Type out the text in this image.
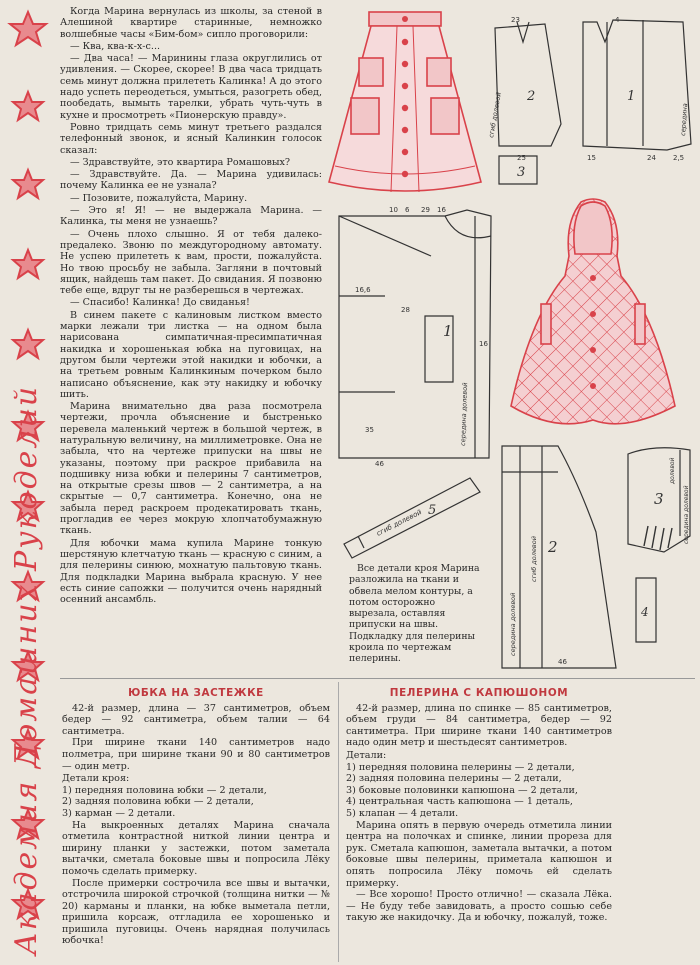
Академия Домашних Рукоделий

Когда Марина вернулась из школы, за стеной в Алешиной квартире старинные, немножко волшебные часы «Бим-бом» сипло проговорили:

— Ква, ква-к-х-с...

— Два часа! — Маринины глаза округлились от удивления. — Скорее, скорее! В два часа тридцать семь минут должна прилететь Калинка! А до этого надо успеть переодеться, умыться, разогреть обед, пообедать, вымыть тарелки, убрать чуть-чуть в кухне и просмотреть «Пионерскую правду».

Ровно тридцать семь минут третьего раздался телефонный звонок, и ясный Калинкин голосок сказал:

— Здравствуйте, это квартира Ромашовых?

— Здравствуйте. Да. — Марина удивилась: почему Калинка ее не узнала?

— Позовите, пожалуйста, Марину.

— Это я! Я! — не выдержала Марина. — Калинка, ты меня не узнаешь?

— Очень плохо слышно. Я от тебя далеко-предалеко. Звоню по междугородному автомату. Не успею прилететь к вам, прости, пожалуйста. Но твою просьбу не забыла. Загляни в почтовый ящик, найдешь там пакет. До свидания. Я позвоню тебе еще, вдруг ты не разберешься в чертежах.

— Спасибо! Калинка! До свиданья!

В синем пакете с калиновым листком вместо марки лежали три листка — на одном была нарисована симпатичная-пресимпатичная накидка и хорошенькая юбка на пуговицах, на другом были чертежи этой накидки и юбочки, а на третьем ровным Калинкиным почерком было написано объяснение, как эту накидку и юбочку шить.

Марина внимательно два раза посмотрела чертежи, прочла объяснение и быстренько перевела маленький чертеж в большой чертеж, в натуральную величину, на миллиметровке. Она не забыла, что на чертеже припуски на швы не указаны, поэтому при раскрое прибавила на подшивку низа юбки и пелерины 7 сантиметров, на открытые срезы швов — 2 сантиметра, а на скрытые — 0,7 сантиметра. Конечно, она не забыла перед раскроем продекатировать ткань, прогладив ее через мокрую хлопчатобумажную ткань.

Для юбочки мама купила Марине тонкую шерстяную клетчатую ткань — красную с синим, а для пелерины синюю, мохнатую пальтовую ткань. Для подкладки Марина выбрала красную. У нее есть синие сапожки — получится очень нарядный осенний ансамбль.

2	1
3
23	4
15	24 2,5
25
сгиб долевой	середина
1
10 6 29 16
16,6
28
16
35
46
середина долевой
сгиб долевой 5
2
середина долевой
сгиб долевой
46
3
долевой
середина долевой
4

Все детали кроя Марина разложила на ткани и обвела мелом контуры, а потом осторожно вырезала, оставляя припуски на швы. Подкладку для пелерины кроила по чертежам пелерины.

ЮБКА НА ЗАСТЕЖКЕ

42-й размер, длина — 37 сантиметров, объем бедер — 92 сантиметра, объем талии — 64 сантиметра.

При ширине ткани 140 сантиметров надо полметра, при ширине ткани 90 и 80 сантиметров — один метр.

Детали кроя:

1) передняя половина юбки — 2 детали,
2) задняя половина юбки — 2 детали,
3) карман — 2 детали.

На выкроенных деталях Марина сначала отметила контрастной ниткой линии центра и ширину планки у застежки, потом заметала вытачки, сметала боковые швы и попросила Лёку помочь сделать примерку.

После примерки сострочила все швы и вытачки, отстрочила широкой строчкой (толщина нитки — № 20) карманы и планки, на юбке выметала петли, пришила корсаж, отгладила ее хорошенько и пришила пуговицы. Очень нарядная получилась юбочка!

ПЕЛЕРИНА С КАПЮШОНОМ

42-й размер, длина по спинке — 85 сантиметров, объем груди — 84 сантиметра, бедер — 92 сантиметра. При ширине ткани 140 сантиметров надо один метр и шестьдесят сантиметров.

Детали:

1) передняя половина пелерины — 2 детали,
2) задняя половина пелерины — 2 детали,
3) боковые половинки капюшона — 2 детали,
4) центральная часть капюшона — 1 деталь,
5) клапан — 4 детали.

Марина опять в первую очередь отметила линии центра на полочках и спинке, линии прореза для рук. Сметала капюшон, заметала вытачки, а потом боковые швы пелерины, приметала капюшон и опять попросила Лёку помочь ей сделать примерку.

— Все хорошо! Просто отлично! — сказала Лёка. — Не буду тебе завидовать, а просто сошью себе такую же накидочку. Да и юбочку, пожалуй, тоже.
